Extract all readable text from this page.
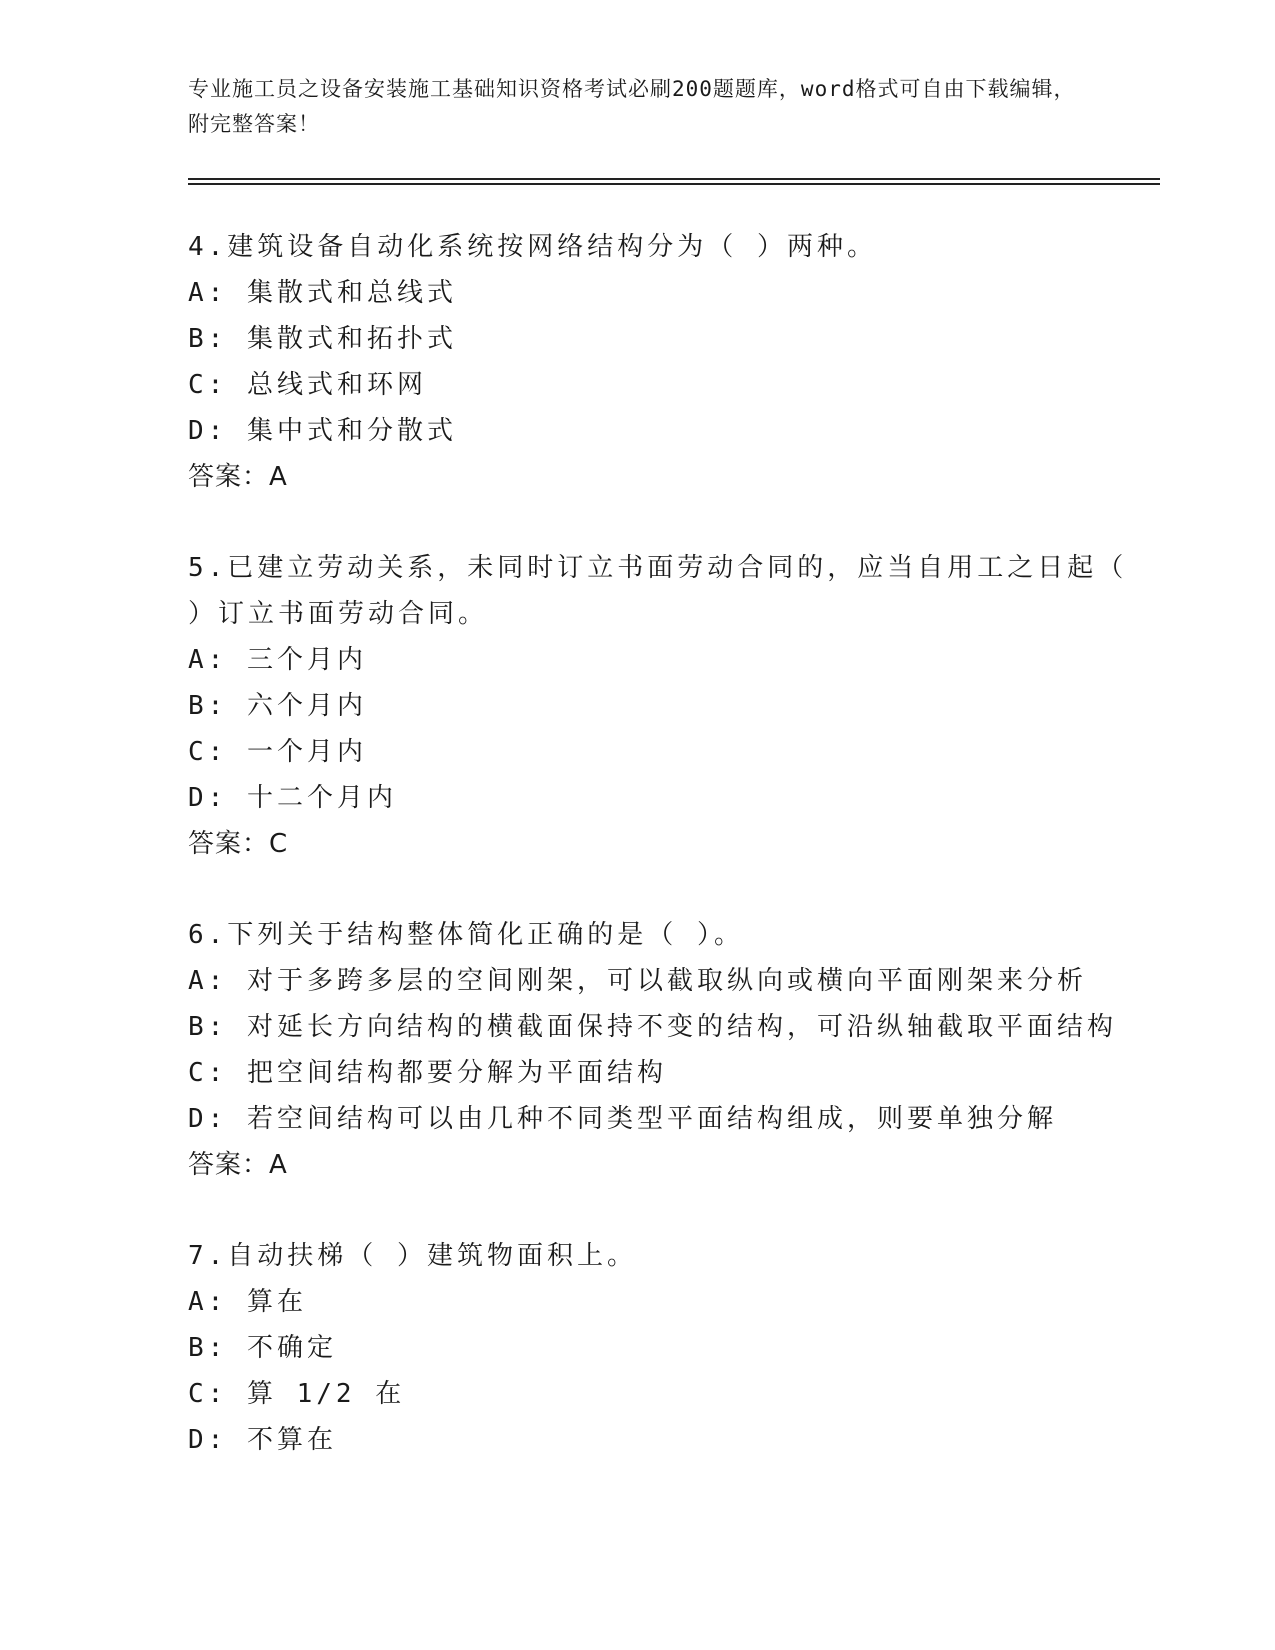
专业施工员之设备安装施工基础知识资格考试必刷200题题库，word格式可自由下载编辑，附完整答案！
4.建筑设备自动化系统按网络结构分为（ ）两种。
A: 集散式和总线式
B: 集散式和拓扑式
C: 总线式和环网
D: 集中式和分散式
答案：A
5.已建立劳动关系，未同时订立书面劳动合同的，应当自用工之日起（ ）订立书面劳动合同。
A: 三个月内
B: 六个月内
C: 一个月内
D: 十二个月内
答案：C
6.下列关于结构整体简化正确的是（ ）。
A: 对于多跨多层的空间刚架，可以截取纵向或横向平面刚架来分析
B: 对延长方向结构的横截面保持不变的结构，可沿纵轴截取平面结构
C: 把空间结构都要分解为平面结构
D: 若空间结构可以由几种不同类型平面结构组成，则要单独分解
答案：A
7.自动扶梯（ ）建筑物面积上。
A: 算在
B: 不确定
C: 算 1/2 在
D: 不算在
